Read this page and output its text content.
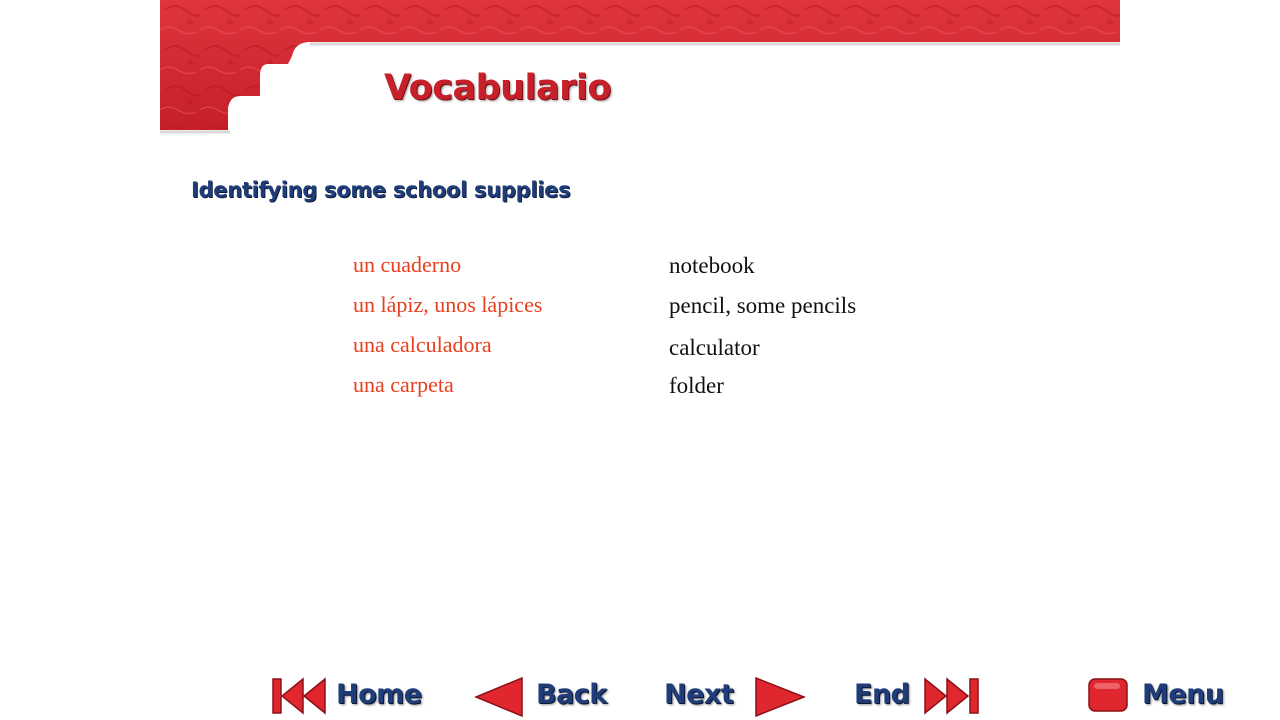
Vocabulario
Identifying some school supplies
un cuaderno	notebook
un lápiz, unos lápices	pencil, some pencils
una calculadora	calculator
una carpeta	folder
Home	Back Next	End	Menu
